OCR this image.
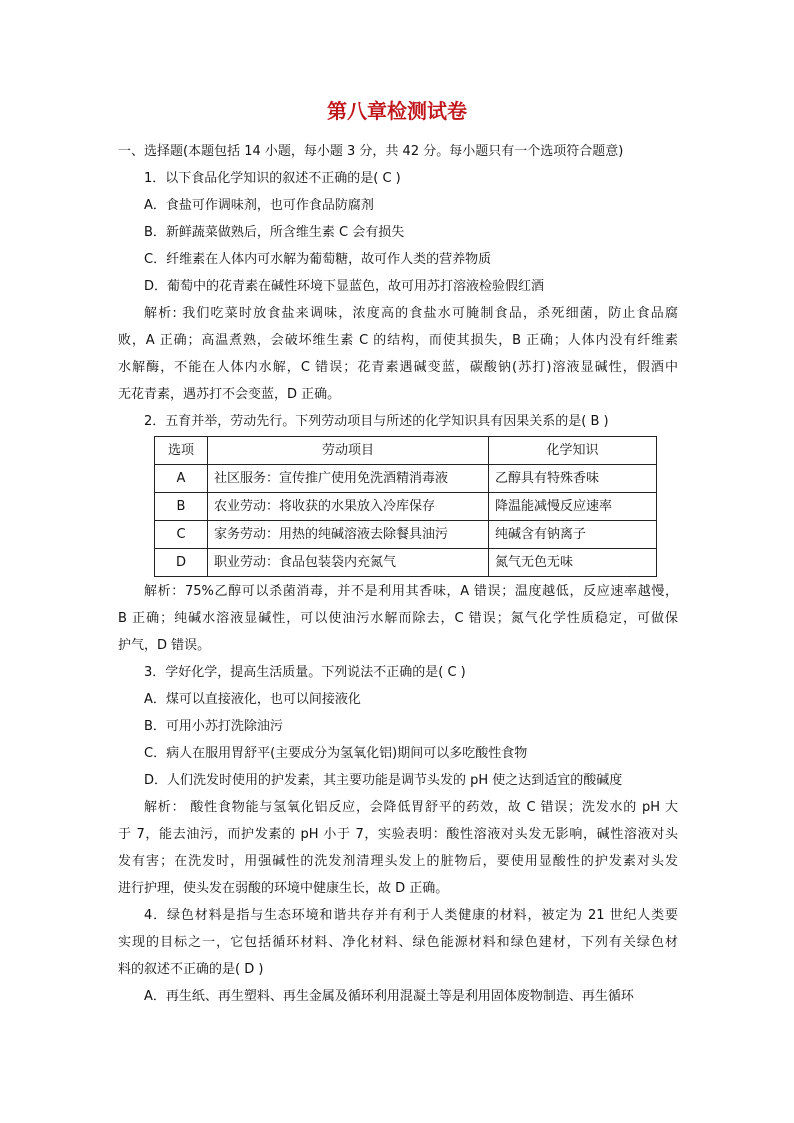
第八章检测试卷
一、选择题(本题包括 14 小题，每小题 3 分，共 42 分。每小题只有一个选项符合题意)
1．以下食品化学知识的叙述不正确的是( C )
A．食盐可作调味剂，也可作食品防腐剂
B．新鲜蔬菜做熟后，所含维生素 C 会有损失
C．纤维素在人体内可水解为葡萄糖，故可作人类的营养物质
D．葡萄中的花青素在碱性环境下显蓝色，故可用苏打溶液检验假红酒
解析: 我们吃菜时放食盐来调味，浓度高的食盐水可腌制食品，杀死细菌，防止食品腐
败，A 正确；高温煮熟，会破坏维生素 C 的结构，而使其损失，B 正确；人体内没有纤维素
水解酶，不能在人体内水解，C 错误；花青素遇碱变蓝，碳酸钠(苏打)溶液显碱性，假酒中
无花青素，遇苏打不会变蓝，D 正确。
2．五育并举，劳动先行。下列劳动项目与所述的化学知识具有因果关系的是( B )
选项	劳动项目	化学知识
A	社区服务：宣传推广使用免洗酒精消毒液	乙醇具有特殊香味
B	农业劳动：将收获的水果放入冷库保存	降温能减慢反应速率
C	家务劳动：用热的纯碱溶液去除餐具油污	纯碱含有钠离子
D	职业劳动：食品包装袋内充氮气	氮气无色无味
解析：75%乙醇可以杀菌消毒，并不是利用其香味，A 错误；温度越低，反应速率越慢，
B 正确；纯碱水溶液显碱性，可以使油污水解而除去，C 错误；氮气化学性质稳定，可做保
护气，D 错误。
3．学好化学，提高生活质量。下列说法不正确的是( C )
A．煤可以直接液化，也可以间接液化
B．可用小苏打洗除油污
C．病人在服用胃舒平(主要成分为氢氧化铝)期间可以多吃酸性食物
D．人们洗发时使用的护发素，其主要功能是调节头发的 pH 使之达到适宜的酸碱度
解析： 酸性食物能与氢氧化铝反应，会降低胃舒平的药效，故 C 错误；洗发水的 pH 大
于 7，能去油污，而护发素的 pH 小于 7，实验表明：酸性溶液对头发无影响，碱性溶液对头
发有害；在洗发时，用强碱性的洗发剂清理头发上的脏物后，要使用显酸性的护发素对头发
进行护理，使头发在弱酸的环境中健康生长，故 D 正确。
4．绿色材料是指与生态环境和谐共存并有利于人类健康的材料，被定为 21 世纪人类要
实现的目标之一，它包括循环材料、净化材料、绿色能源材料和绿色建材，下列有关绿色材
料的叙述不正确的是( D )
A．再生纸、再生塑料、再生金属及循环利用混凝土等是利用固体废物制造、再生循环
